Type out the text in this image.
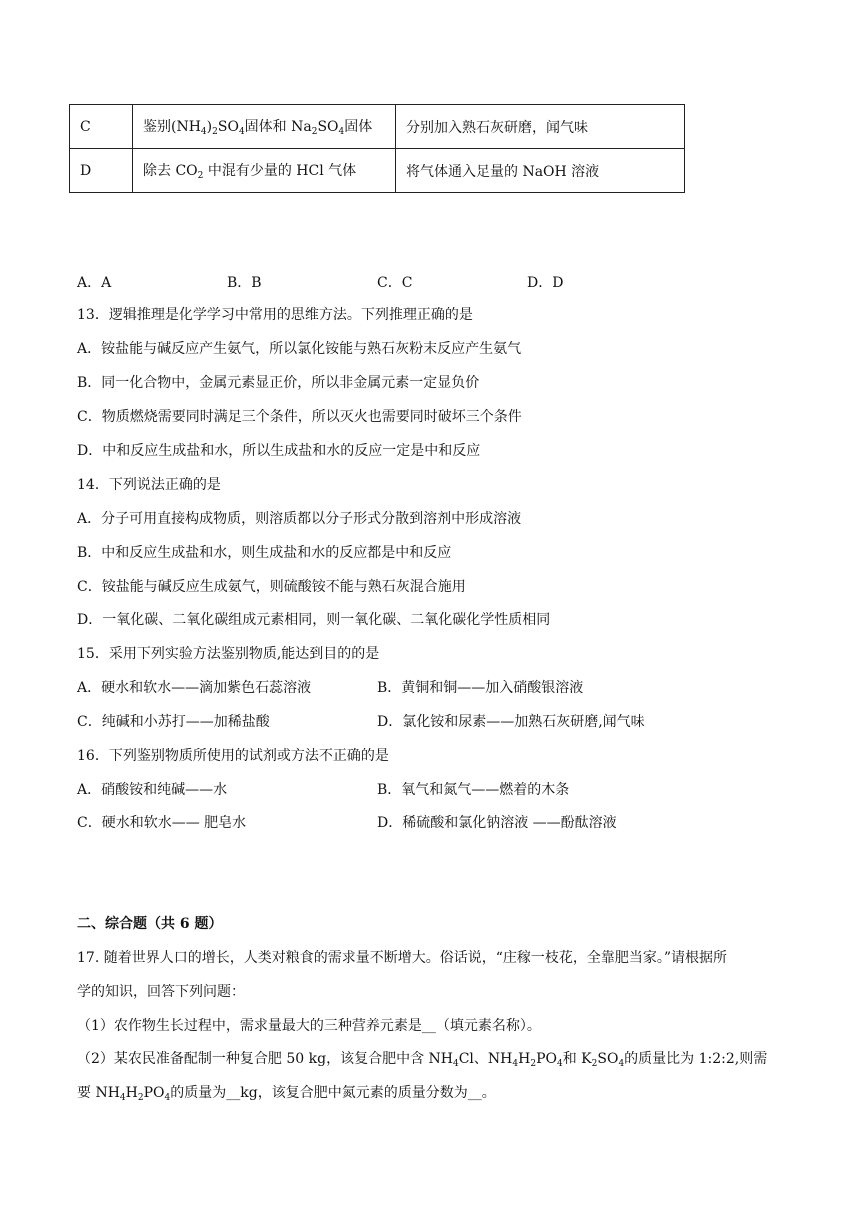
C	鉴别$(NH_4)_2SO_4$固体和 $Na_2SO_4$固体	分别加入熟石灰研磨，闻气味
D	除去 $CO_2$ 中混有少量的 HCl 气体	将气体通入足量的 NaOH 溶液
A．A	B．B	C．C	D．D
13．逻辑推理是化学学习中常用的思维方法。下列推理正确的是
A．铵盐能与碱反应产生氨气，所以氯化铵能与熟石灰粉末反应产生氨气
B．同一化合物中，金属元素显正价，所以非金属元素一定显负价
C．物质燃烧需要同时满足三个条件，所以灭火也需要同时破坏三个条件
D．中和反应生成盐和水，所以生成盐和水的反应一定是中和反应
14．下列说法正确的是
A．分子可用直接构成物质，则溶质都以分子形式分散到溶剂中形成溶液
B．中和反应生成盐和水，则生成盐和水的反应都是中和反应
C．铵盐能与碱反应生成氨气，则硫酸铵不能与熟石灰混合施用
D．一氧化碳、二氧化碳组成元素相同，则一氧化碳、二氧化碳化学性质相同
15．采用下列实验方法鉴别物质,能达到目的的是
A．硬水和软水——滴加紫色石蕊溶液	B．黄铜和铜——加入硝酸银溶液
C．纯碱和小苏打——加稀盐酸	D．氯化铵和尿素——加熟石灰研磨,闻气味
16．下列鉴别物质所使用的试剂或方法不正确的是
A．硝酸铵和纯碱——水	B．氧气和氮气——燃着的木条
C．硬水和软水—— 肥皂水	D．稀硫酸和氯化钠溶液 ——酚酞溶液
二、综合题（共 6 题）
17. 随着世界人口的增长，人类对粮食的需求量不断增大。俗话说，“庄稼一枝花，全靠肥当家。”请根据所
学的知识，回答下列问题：
（1）农作物生长过程中，需求量最大的三种营养元素是__（填元素名称）。
（2）某农民准备配制一种复合肥 50 kg，该复合肥中含 $NH_4Cl$、$NH_4H_2PO_4$和 $K_2SO_4$的质量比为 1:2:2,则需
要 $NH_4H_2PO_4$的质量为__kg，该复合肥中氮元素的质量分数为__。
